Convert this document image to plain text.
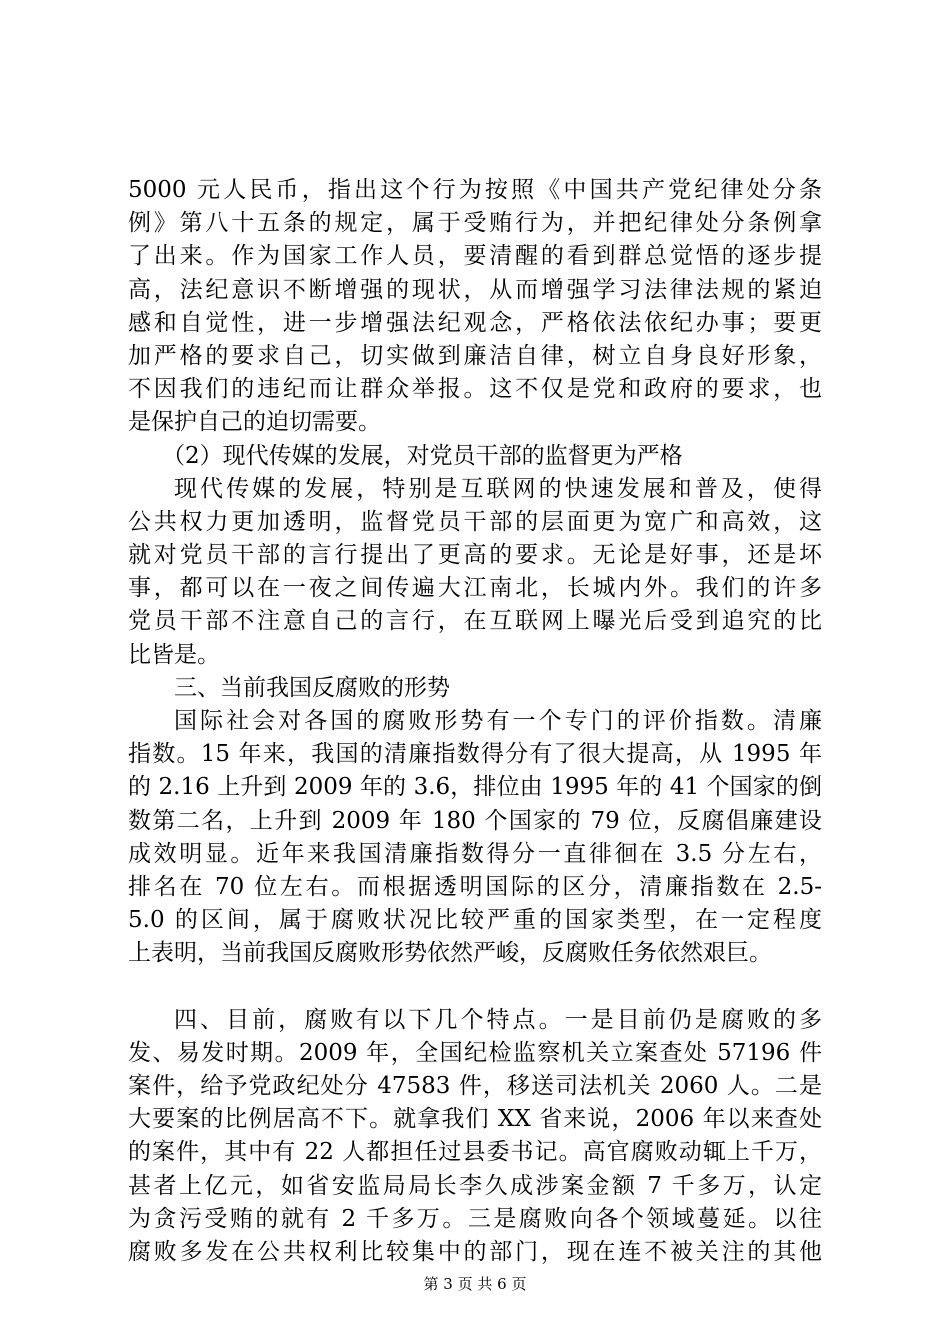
5000 元人民币，指出这个行为按照《中国共产党纪律处分条
例》第八十五条的规定，属于受贿行为，并把纪律处分条例拿
了出来。作为国家工作人员，要清醒的看到群总觉悟的逐步提
高，法纪意识不断增强的现状，从而增强学习法律法规的紧迫
感和自觉性，进一步增强法纪观念，严格依法依纪办事；要更
加严格的要求自己，切实做到廉洁自律，树立自身良好形象，
不因我们的违纪而让群众举报。这不仅是党和政府的要求，也
是保护自己的迫切需要。
（2）现代传媒的发展，对党员干部的监督更为严格
现代传媒的发展，特别是互联网的快速发展和普及，使得
公共权力更加透明，监督党员干部的层面更为宽广和高效，这
就对党员干部的言行提出了更高的要求。无论是好事，还是坏
事，都可以在一夜之间传遍大江南北，长城内外。我们的许多
党员干部不注意自己的言行，在互联网上曝光后受到追究的比
比皆是。
三、当前我国反腐败的形势
国际社会对各国的腐败形势有一个专门的评价指数。清廉
指数。15 年来，我国的清廉指数得分有了很大提高，从 1995 年
的 2.16 上升到 2009 年的 3.6，排位由 1995 年的 41 个国家的倒
数第二名，上升到 2009 年 180 个国家的 79 位，反腐倡廉建设
成效明显。近年来我国清廉指数得分一直徘徊在 3.5 分左右，
排名在 70 位左右。而根据透明国际的区分，清廉指数在 2.5-
5.0 的区间，属于腐败状况比较严重的国家类型，在一定程度
上表明，当前我国反腐败形势依然严峻，反腐败任务依然艰巨。
四、目前，腐败有以下几个特点。一是目前仍是腐败的多
发、易发时期。2009 年，全国纪检监察机关立案查处 57196 件
案件，给予党政纪处分 47583 件，移送司法机关 2060 人。二是
大要案的比例居高不下。就拿我们 XX 省来说，2006 年以来查处
的案件，其中有 22 人都担任过县委书记。高官腐败动辄上千万，
甚者上亿元，如省安监局局长李久成涉案金额 7 千多万，认定
为贪污受贿的就有 2 千多万。三是腐败向各个领域蔓延。以往
腐败多发在公共权利比较集中的部门，现在连不被关注的其他
第 3 页 共 6 页
